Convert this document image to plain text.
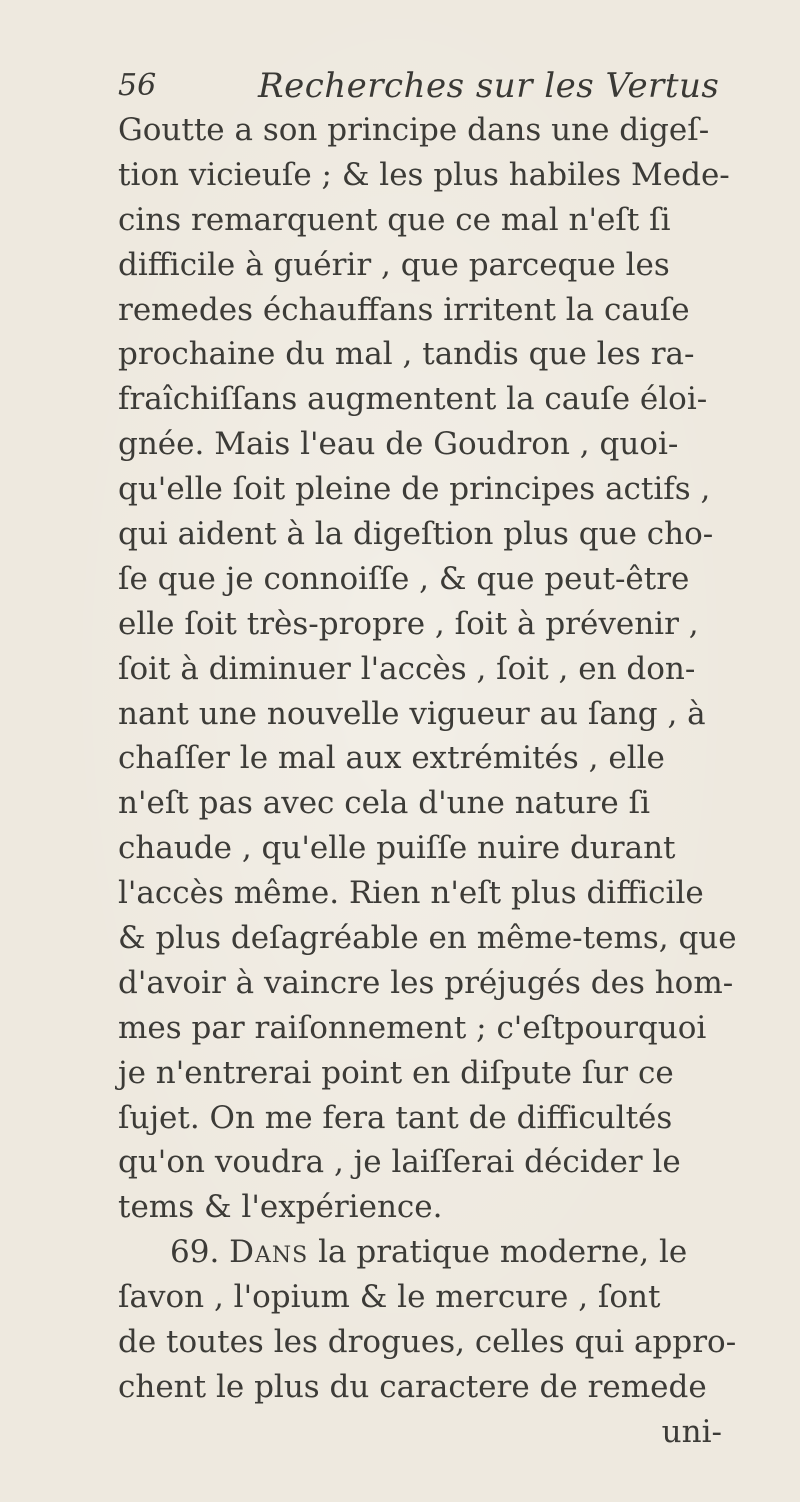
56	Recherches sur les Vertus
Goutte a son principe dans une digeſ-
tion vicieuſe ; & les plus habiles Mede-
cins remarquent que ce mal n'eſt ſi
difficile à guérir , que parceque les
remedes échauffans irritent la cauſe
prochaine du mal , tandis que les ra-
fraîchiſſans augmentent la cauſe éloi-
gnée. Mais l'eau de Goudron , quoi-
qu'elle ſoit pleine de principes actifs ,
qui aident à la digeſtion plus que cho-
ſe que je connoiſſe , & que peut-être
elle ſoit très-propre , ſoit à prévenir ,
ſoit à diminuer l'accès , ſoit , en don-
nant une nouvelle vigueur au ſang , à
chaſſer le mal aux extrémités , elle
n'eſt pas avec cela d'une nature ſi
chaude , qu'elle puiſſe nuire durant
l'accès même. Rien n'eſt plus difficile
& plus deſagréable en même-tems, que
d'avoir à vaincre les préjugés des hom-
mes par raiſonnement ; c'eſtpourquoi
je n'entrerai point en diſpute ſur ce
ſujet. On me fera tant de difficultés
qu'on voudra , je laiſſerai décider le
tems & l'expérience.
69. Dans la pratique moderne, le
ſavon , l'opium & le mercure , ſont
de toutes les drogues, celles qui appro-
chent le plus du caractere de remede
uni-
